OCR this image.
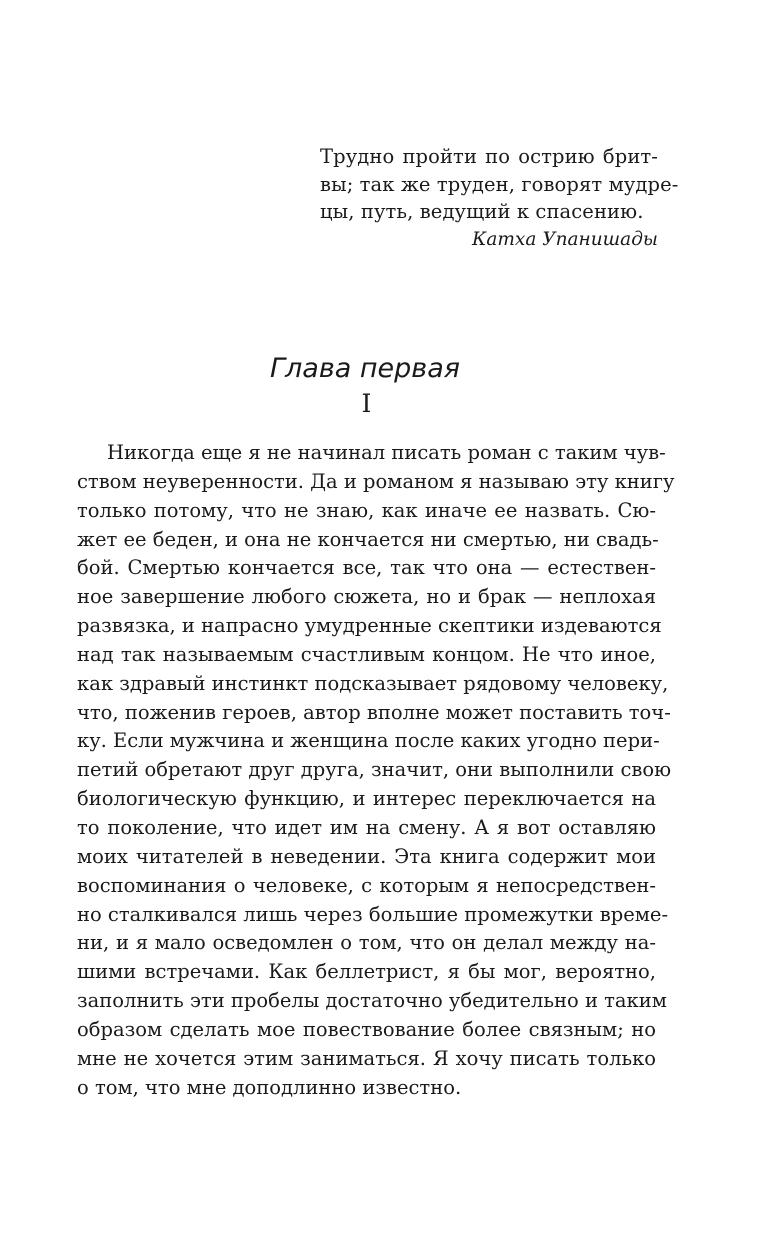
Трудно пройти по острию брит-
вы; так же труден, говорят мудре-
цы, путь, ведущий к спасению.
Катха Упанишады
Глава первая
I
Никогда еще я не начинал писать роман с таким чув-
ством неуверенности. Да и романом я называю эту книгу
только потому, что не знаю, как иначе ее назвать. Сю-
жет ее беден, и она не кончается ни смертью, ни свадь-
бой. Смертью кончается все, так что она — естествен-
ное завершение любого сюжета, но и брак — неплохая
развязка, и напрасно умудренные скептики издеваются
над так называемым счастливым концом. Не что иное,
как здравый инстинкт подсказывает рядовому человеку,
что, поженив героев, автор вполне может поставить точ-
ку. Если мужчина и женщина после каких угодно пери-
петий обретают друг друга, значит, они выполнили свою
биологическую функцию, и интерес переключается на
то поколение, что идет им на смену. А я вот оставляю
моих читателей в неведении. Эта книга содержит мои
воспоминания о человеке, с которым я непосредствен-
но сталкивался лишь через большие промежутки време-
ни, и я мало осведомлен о том, что он делал между на-
шими встречами. Как беллетрист, я бы мог, вероятно,
заполнить эти пробелы достаточно убедительно и таким
образом сделать мое повествование более связным; но
мне не хочется этим заниматься. Я хочу писать только
о том, что мне доподлинно известно.
